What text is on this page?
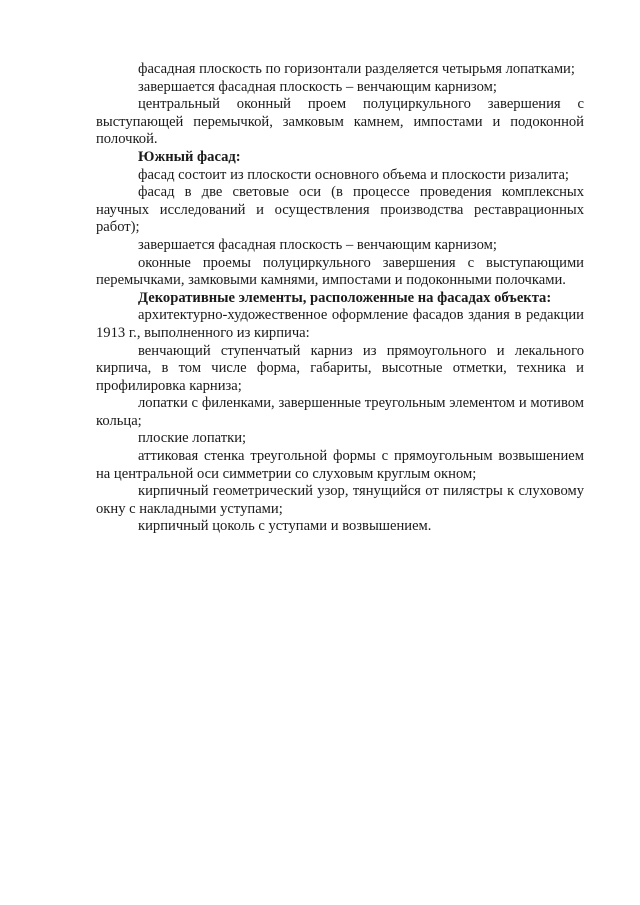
фасадная плоскость по горизонтали разделяется четырьмя лопатками;

завершается фасадная плоскость – венчающим карнизом;

центральный оконный проем полуциркульного завершения с выступающей перемычкой, замковым камнем, импостами и подоконной полочкой.

Южный фасад:

фасад состоит из плоскости основного объема и плоскости ризалита;

фасад в две световые оси (в процессе проведения комплексных научных исследований и осуществления производства реставрационных работ);

завершается фасадная плоскость – венчающим карнизом;

оконные проемы полуциркульного завершения с выступающими перемычками, замковыми камнями, импостами и подоконными полочками.

Декоративные элементы, расположенные на фасадах объекта:

архитектурно-художественное оформление фасадов здания в редакции 1913 г., выполненного из кирпича:

венчающий ступенчатый карниз из прямоугольного и лекального кирпича, в том числе форма, габариты, высотные отметки, техника и профилировка карниза;

лопатки с филенками, завершенные треугольным элементом и мотивом кольца;

плоские лопатки;

аттиковая стенка треугольной формы с прямоугольным возвышением на центральной оси симметрии со слуховым круглым окном;

кирпичный геометрический узор, тянущийся от пилястры к слуховому окну с накладными уступами;

кирпичный цоколь с уступами и возвышением.
